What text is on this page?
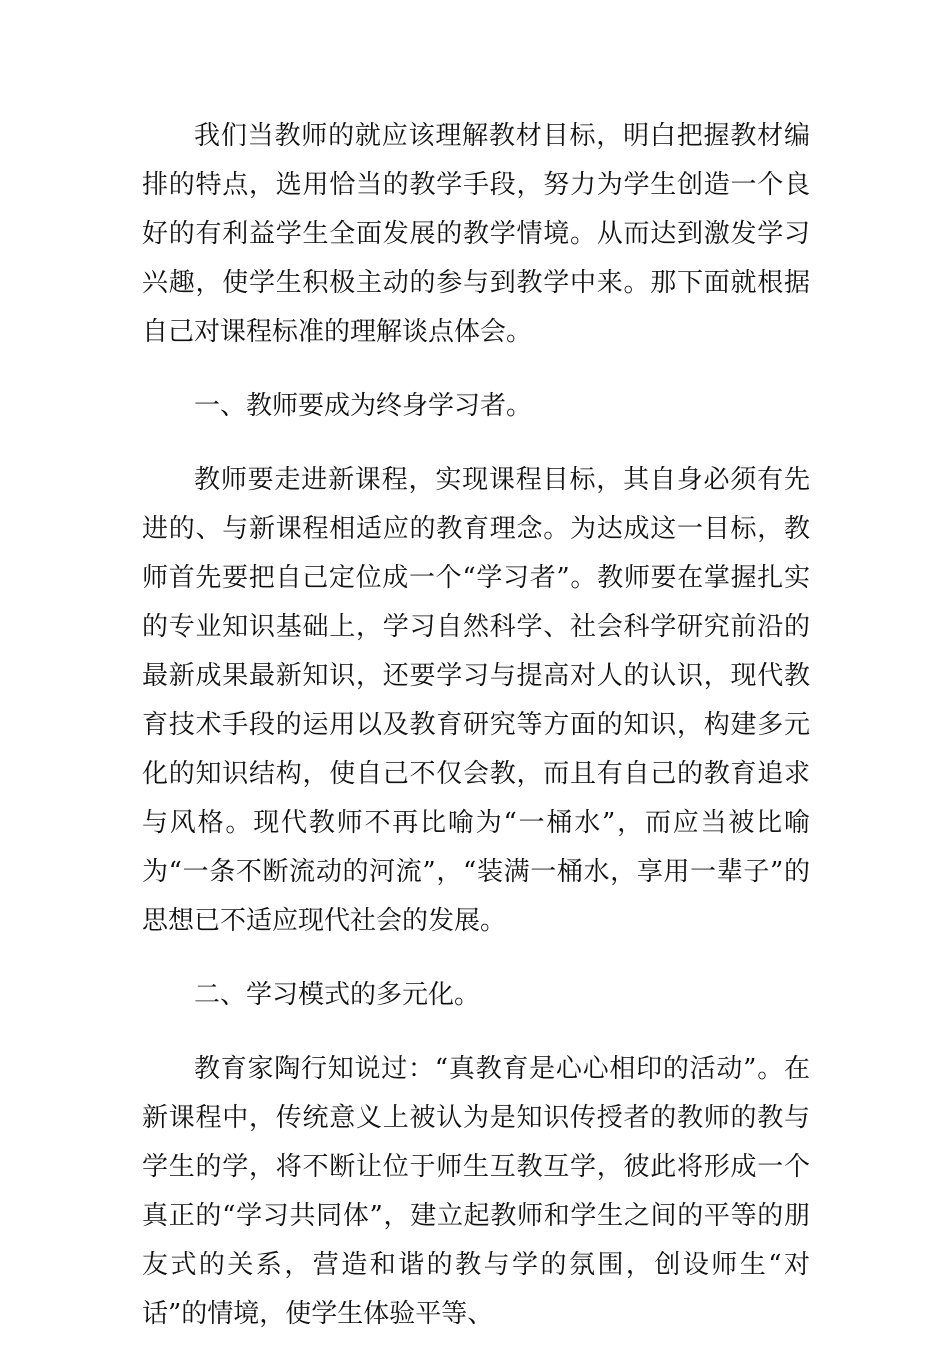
我们当教师的就应该理解教材目标，明白把握教材编排的特点，选用恰当的教学手段，努力为学生创造一个良好的有利益学生全面发展的教学情境。从而达到激发学习兴趣，使学生积极主动的参与到教学中来。那下面就根据自己对课程标准的理解谈点体会。

一、教师要成为终身学习者。

教师要走进新课程，实现课程目标，其自身必须有先进的、与新课程相适应的教育理念。为达成这一目标，教师首先要把自己定位成一个“学习者”。教师要在掌握扎实的专业知识基础上，学习自然科学、社会科学研究前沿的最新成果最新知识，还要学习与提高对人的认识，现代教育技术手段的运用以及教育研究等方面的知识，构建多元化的知识结构，使自己不仅会教，而且有自己的教育追求与风格。现代教师不再比喻为“一桶水”，而应当被比喻为“一条不断流动的河流”，“装满一桶水，享用一辈子”的思想已不适应现代社会的发展。

二、学习模式的多元化。

教育家陶行知说过：“真教育是心心相印的活动”。在新课程中，传统意义上被认为是知识传授者的教师的教与学生的学，将不断让位于师生互教互学，彼此将形成一个真正的“学习共同体”，建立起教师和学生之间的平等的朋友式的关系，营造和谐的教与学的氛围，创设师生“对话”的情境，使学生体验平等、
